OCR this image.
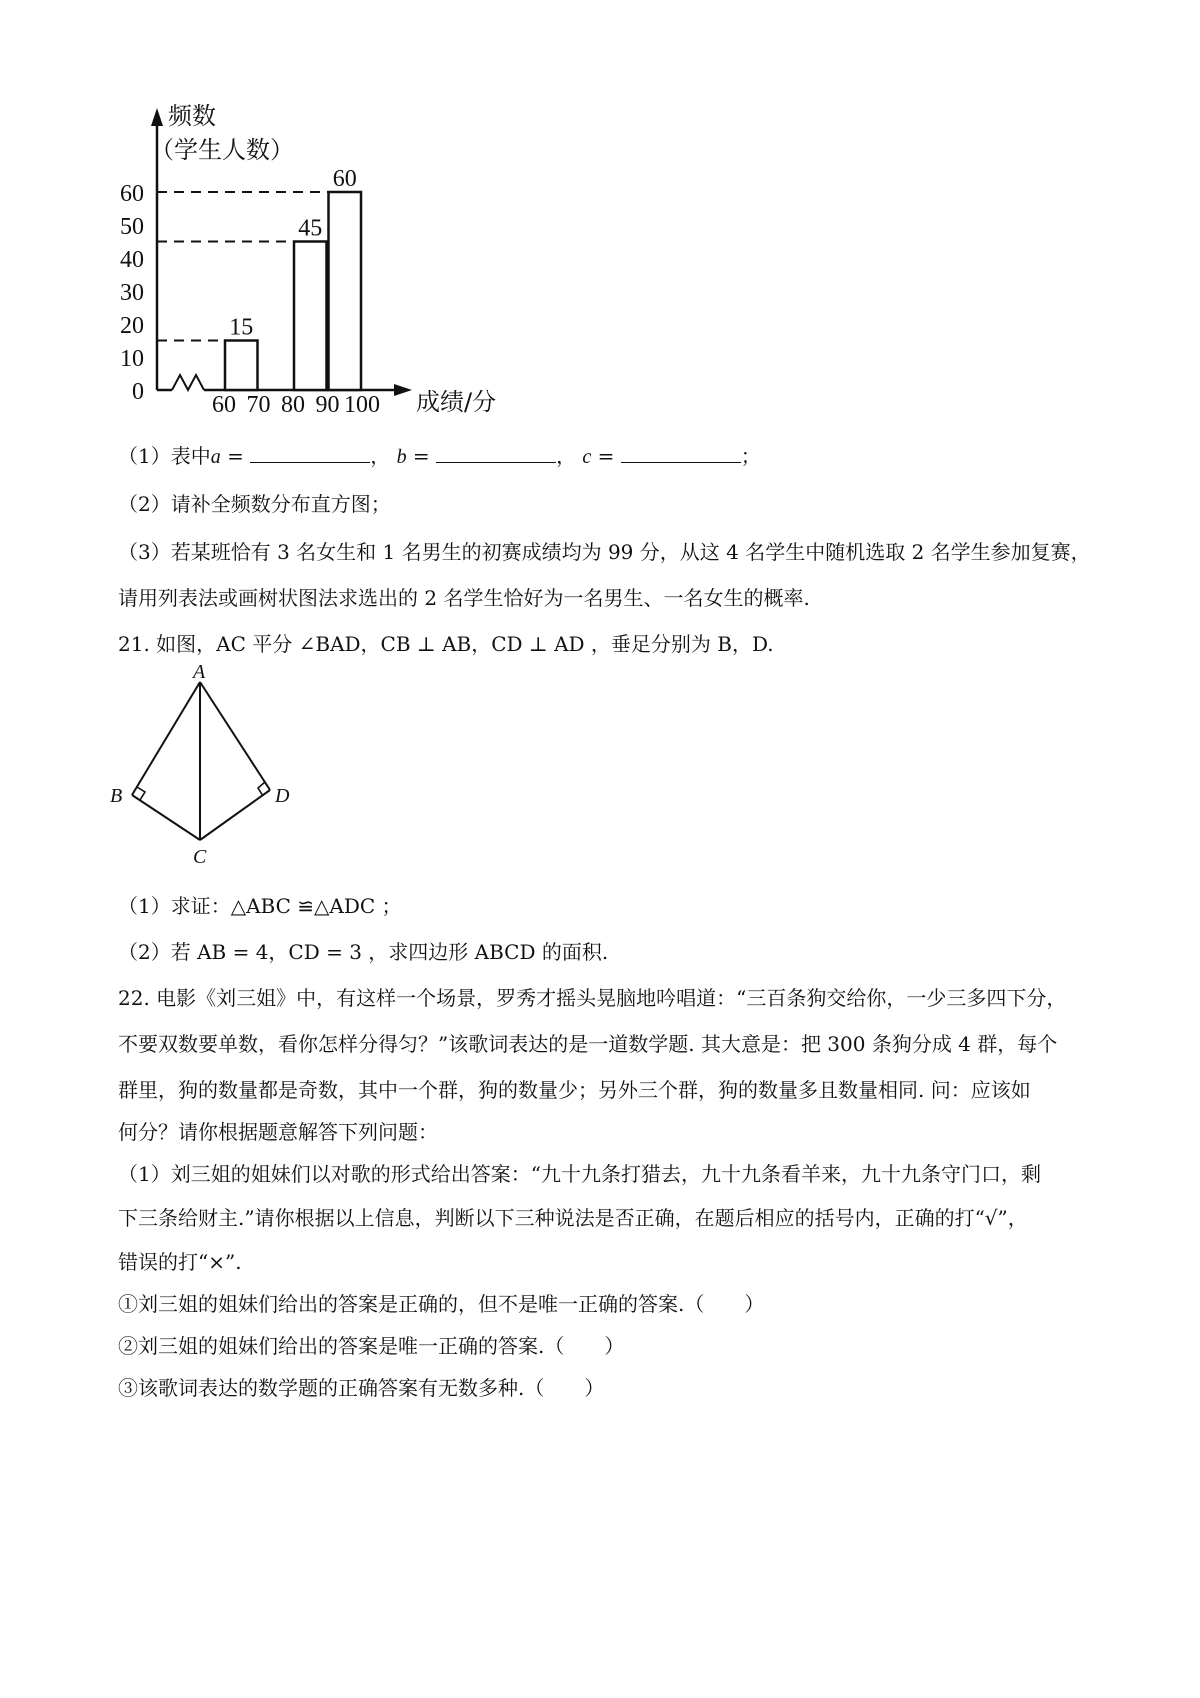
频数
（学生人数）
成绩/分
0
10
20
30
40
50
60
60 70 80 90 100
15
45
60
（1）表中a =	， b =	， c =	；
（2）请补全频数分布直方图；
（3）若某班恰有 3 名女生和 1 名男生的初赛成绩均为 99 分，从这 4 名学生中随机选取 2 名学生参加复赛，
请用列表法或画树状图法求选出的 2 名学生恰好为一名男生、一名女生的概率.
21. 如图，AC 平分 ∠BAD，CB ⊥ AB，CD ⊥ AD ，垂足分别为 B，D.
A
B
C
D
（1）求证：△ABC ≌△ADC ；
（2）若 AB = 4，CD = 3 ，求四边形 ABCD 的面积.
22. 电影《刘三姐》中，有这样一个场景，罗秀才摇头晃脑地吟唱道：“三百条狗交给你，一少三多四下分，
不要双数要单数，看你怎样分得匀？”该歌词表达的是一道数学题. 其大意是：把 300 条狗分成 4 群，每个
群里，狗的数量都是奇数，其中一个群，狗的数量少；另外三个群，狗的数量多且数量相同. 问：应该如
何分？请你根据题意解答下列问题：
（1）刘三姐的姐妹们以对歌的形式给出答案：“九十九条打猎去，九十九条看羊来，九十九条守门口，剩
下三条给财主.”请你根据以上信息，判断以下三种说法是否正确，在题后相应的括号内，正确的打“√”，
错误的打“×”.
①刘三姐的姐妹们给出的答案是正确的，但不是唯一正确的答案.（　　）
②刘三姐的姐妹们给出的答案是唯一正确的答案.（　　）
③该歌词表达的数学题的正确答案有无数多种.（　　）
